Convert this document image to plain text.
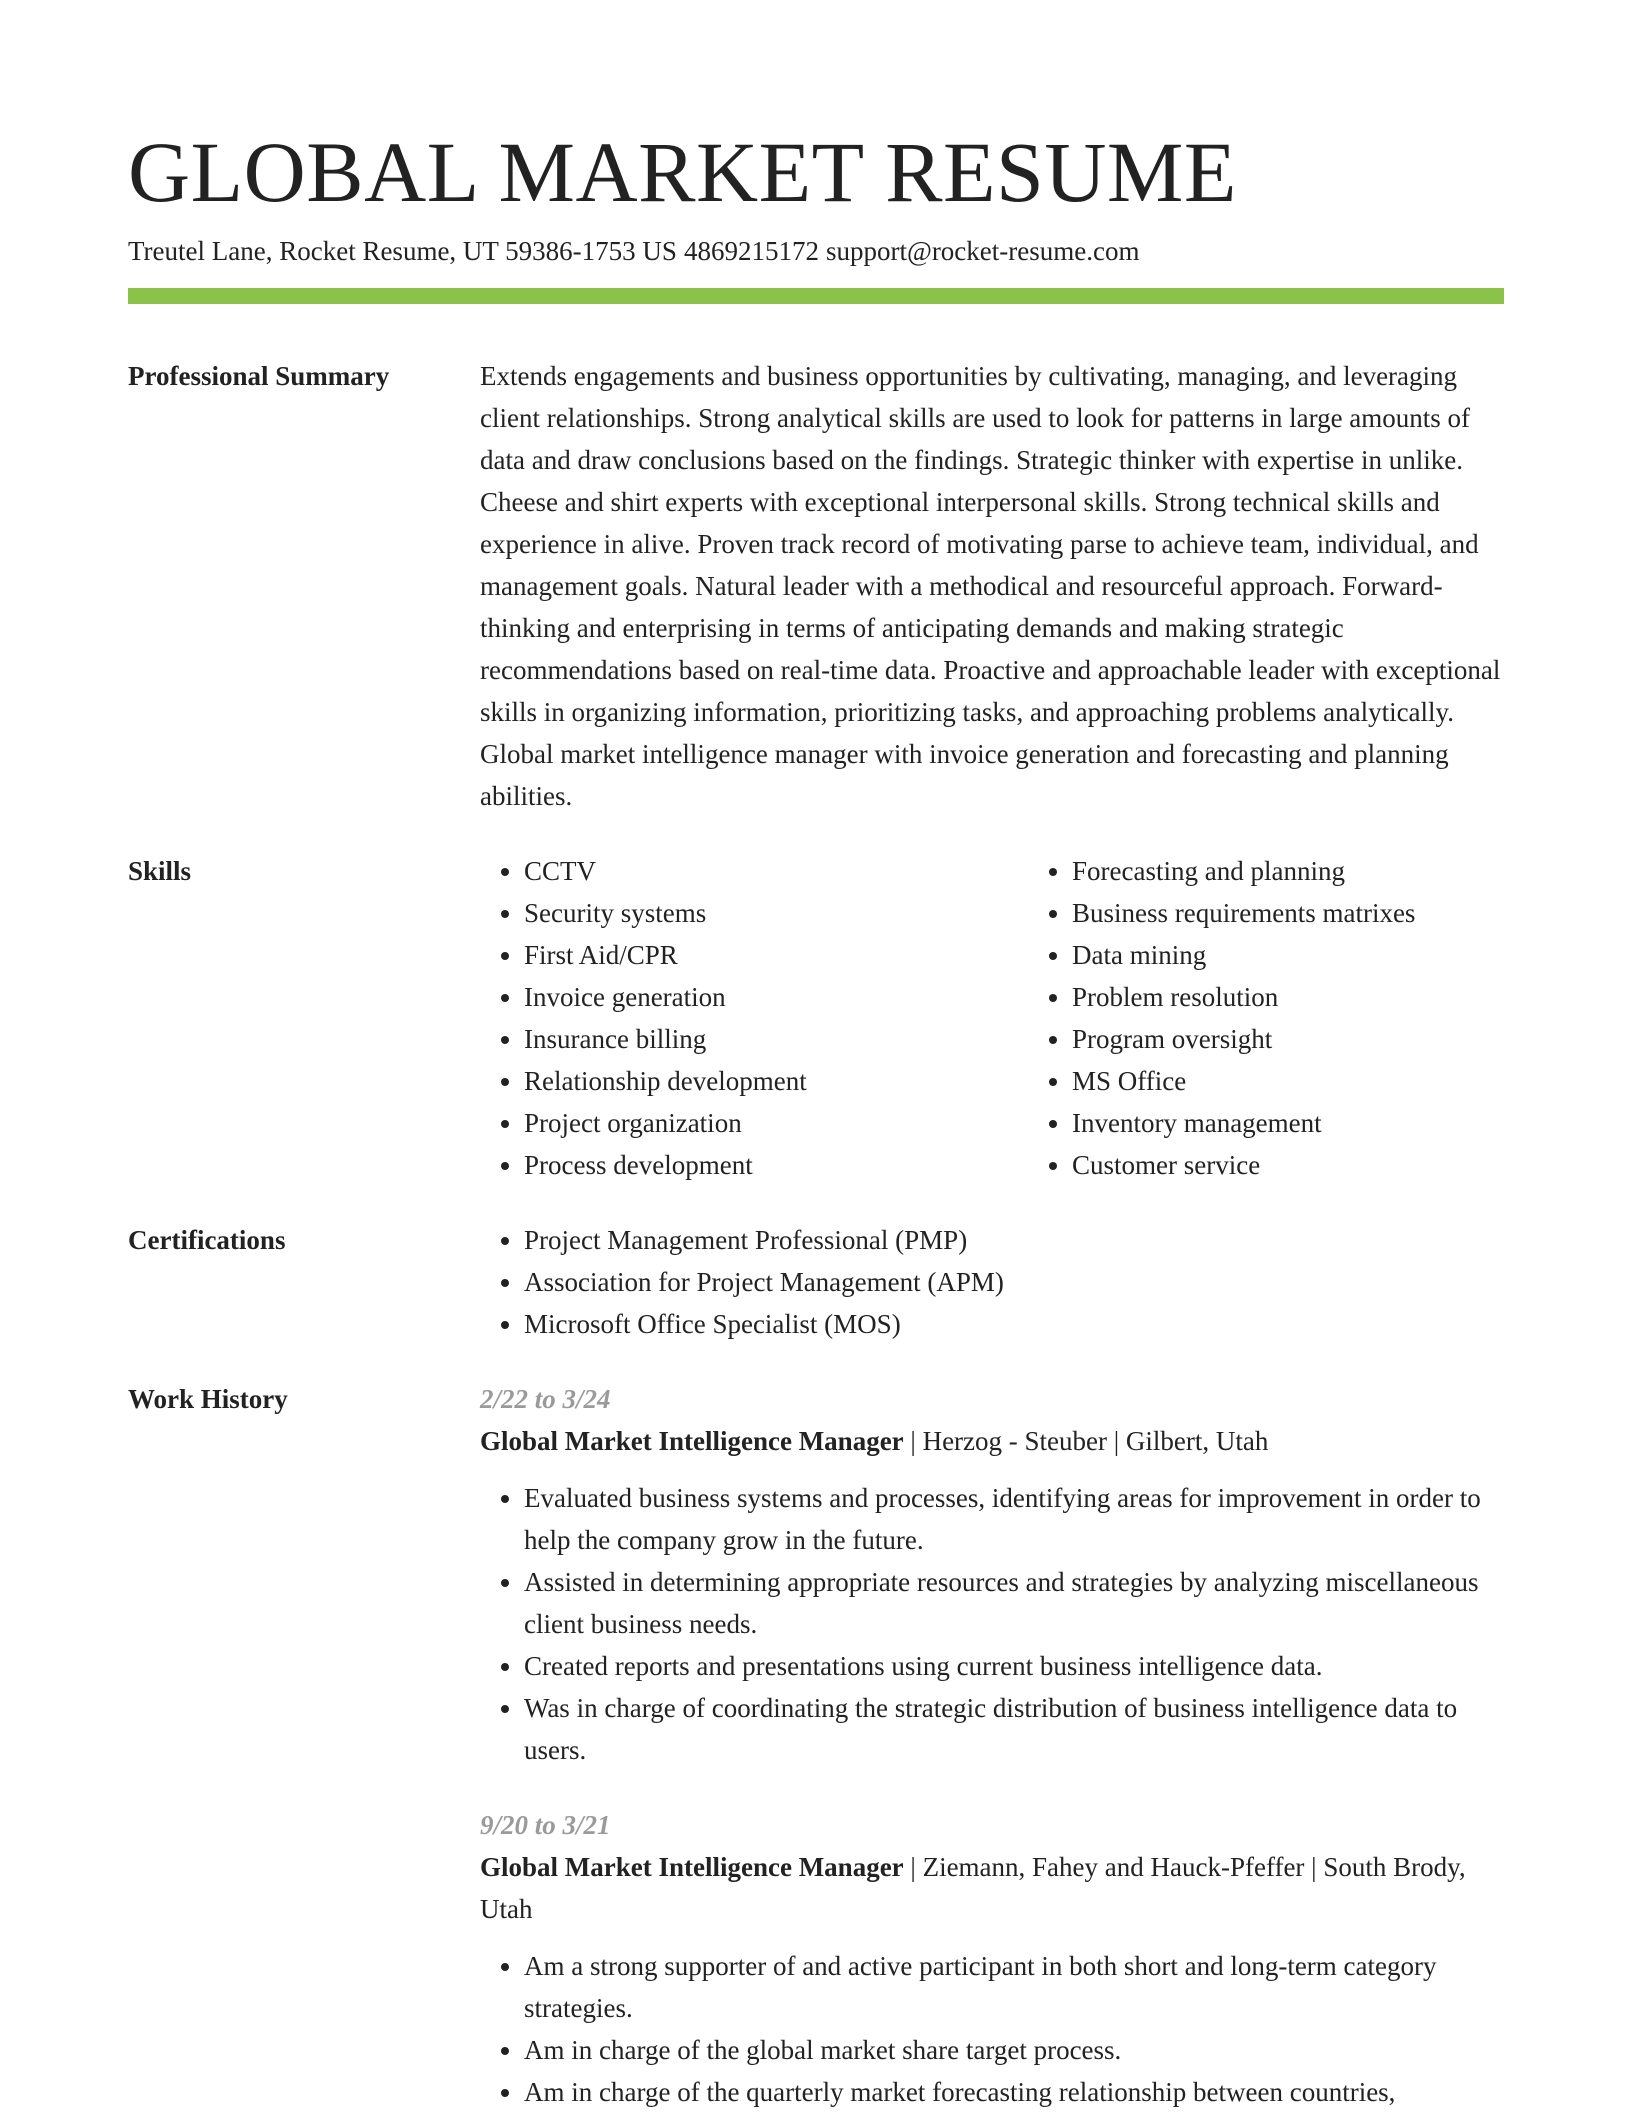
GLOBAL MARKET RESUME
Treutel Lane, Rocket Resume, UT 59386-1753 US 4869215172 support@rocket-resume.com
Professional Summary	Extends engagements and business opportunities by cultivating, managing, and leveraging client relationships. Strong analytical skills are used to look for patterns in large amounts of data and draw conclusions based on the findings. Strategic thinker with expertise in unlike. Cheese and shirt experts with exceptional interpersonal skills. Strong technical skills and experience in alive. Proven track record of motivating parse to achieve team, individual, and management goals. Natural leader with a methodical and resourceful approach. Forward-thinking and enterprising in terms of anticipating demands and making strategic recommendations based on real-time data. Proactive and approachable leader with exceptional skills in organizing information, prioritizing tasks, and approaching problems analytically. Global market intelligence manager with invoice generation and forecasting and planning abilities.
Skills	• CCTV
• Security systems
• First Aid/CPR
• Invoice generation
• Insurance billing
• Relationship development
• Project organization
• Process development
• Forecasting and planning
• Business requirements matrixes
• Data mining
• Problem resolution
• Program oversight
• MS Office
• Inventory management
• Customer service
Certifications	• Project Management Professional (PMP)
• Association for Project Management (APM)
• Microsoft Office Specialist (MOS)
Work History	2/22 to 3/24
Global Market Intelligence Manager | Herzog - Steuber | Gilbert, Utah
• Evaluated business systems and processes, identifying areas for improvement in order to help the company grow in the future.
• Assisted in determining appropriate resources and strategies by analyzing miscellaneous client business needs.
• Created reports and presentations using current business intelligence data.
• Was in charge of coordinating the strategic distribution of business intelligence data to users.
9/20 to 3/21
Global Market Intelligence Manager | Ziemann, Fahey and Hauck-Pfeffer | South Brody, Utah
• Am a strong supporter of and active participant in both short and long-term category strategies.
• Am in charge of the global market share target process.
• Am in charge of the quarterly market forecasting relationship between countries,
